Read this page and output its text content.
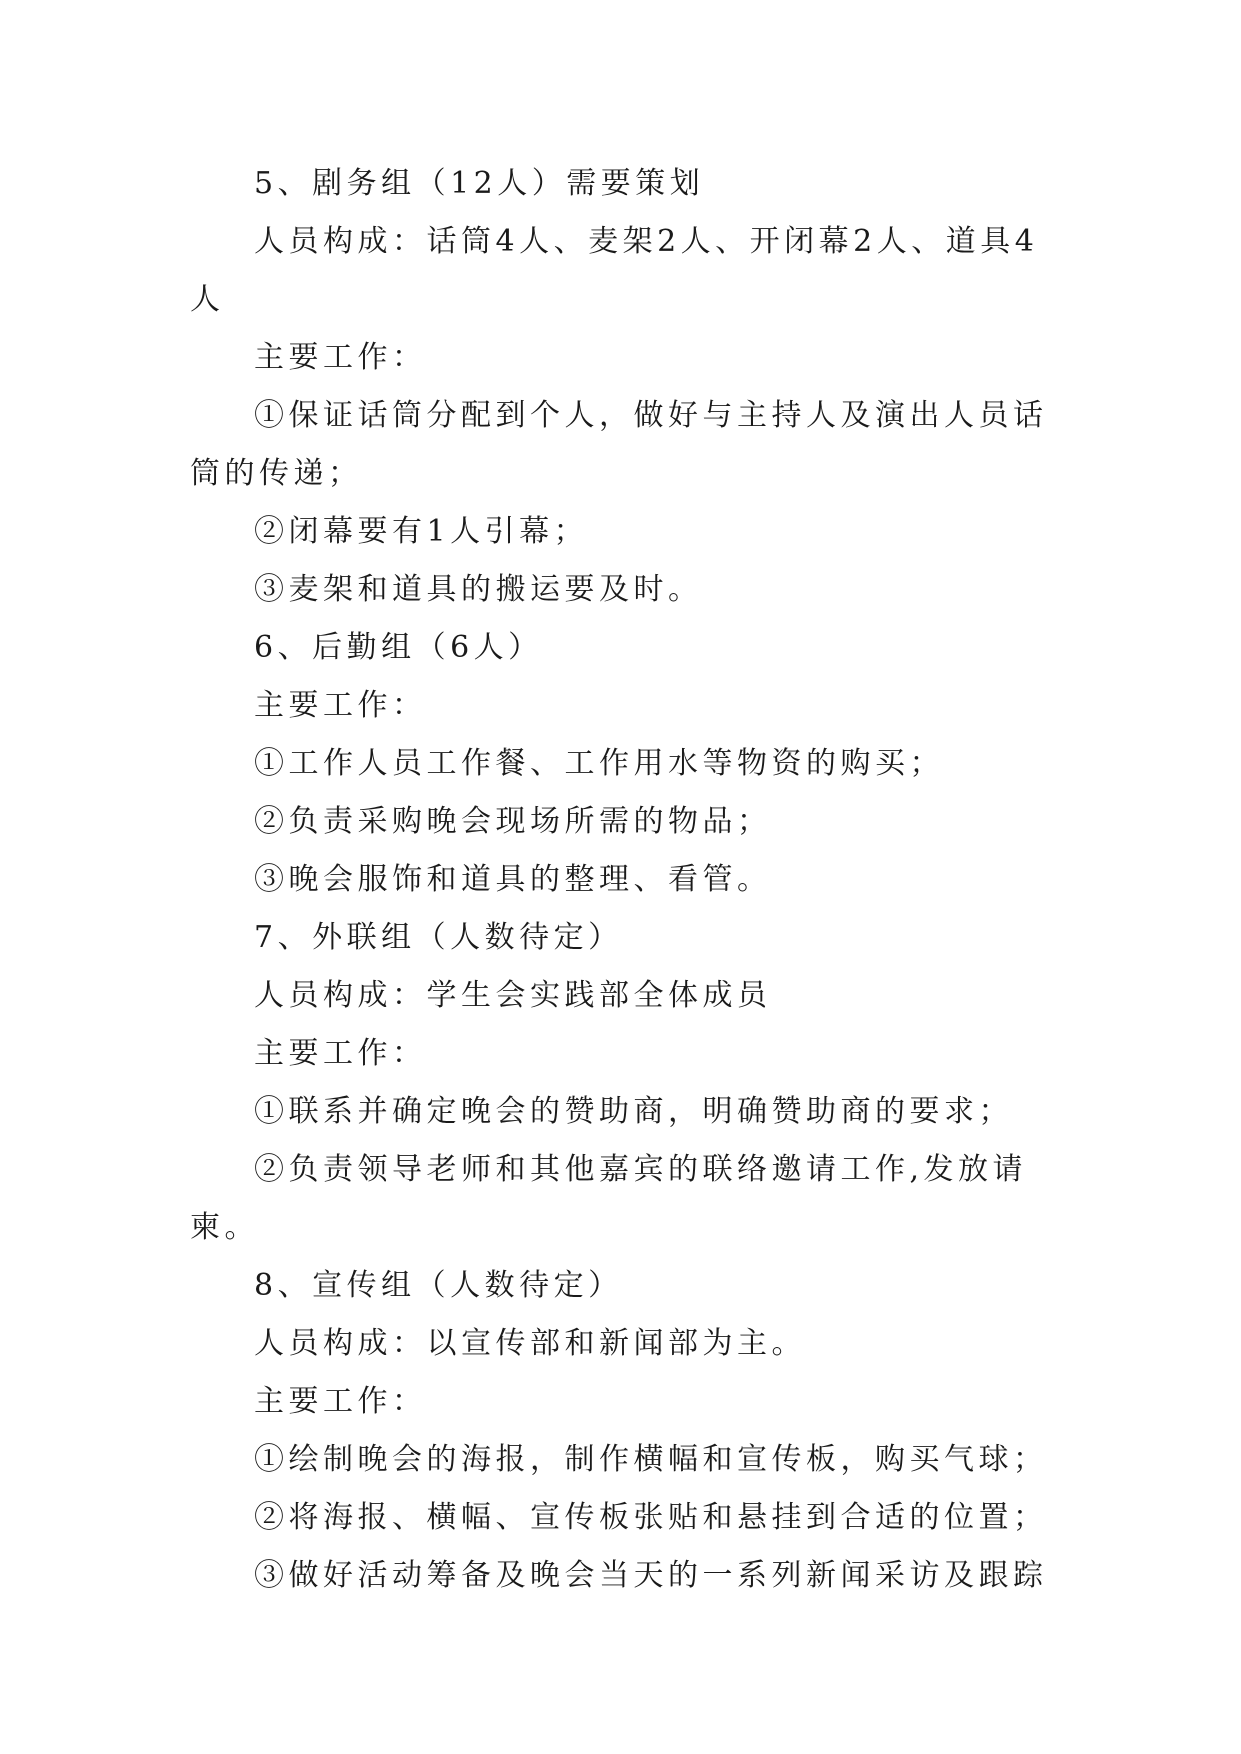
5、剧务组（12人）需要策划

人员构成：话筒4人、麦架2人、开闭幕2人、道具4人

主要工作：

①保证话筒分配到个人，做好与主持人及演出人员话筒的传递；

②闭幕要有1人引幕；

③麦架和道具的搬运要及时。

6、后勤组（6人）

主要工作：

①工作人员工作餐、工作用水等物资的购买；

②负责采购晚会现场所需的物品；

③晚会服饰和道具的整理、看管。

7、外联组（人数待定）

人员构成：学生会实践部全体成员

主要工作：

①联系并确定晚会的赞助商，明确赞助商的要求；

②负责领导老师和其他嘉宾的联络邀请工作,发放请柬。

8、宣传组（人数待定）

人员构成：以宣传部和新闻部为主。

主要工作：

①绘制晚会的海报，制作横幅和宣传板，购买气球；

②将海报、横幅、宣传板张贴和悬挂到合适的位置；

③做好活动筹备及晚会当天的一系列新闻采访及跟踪
